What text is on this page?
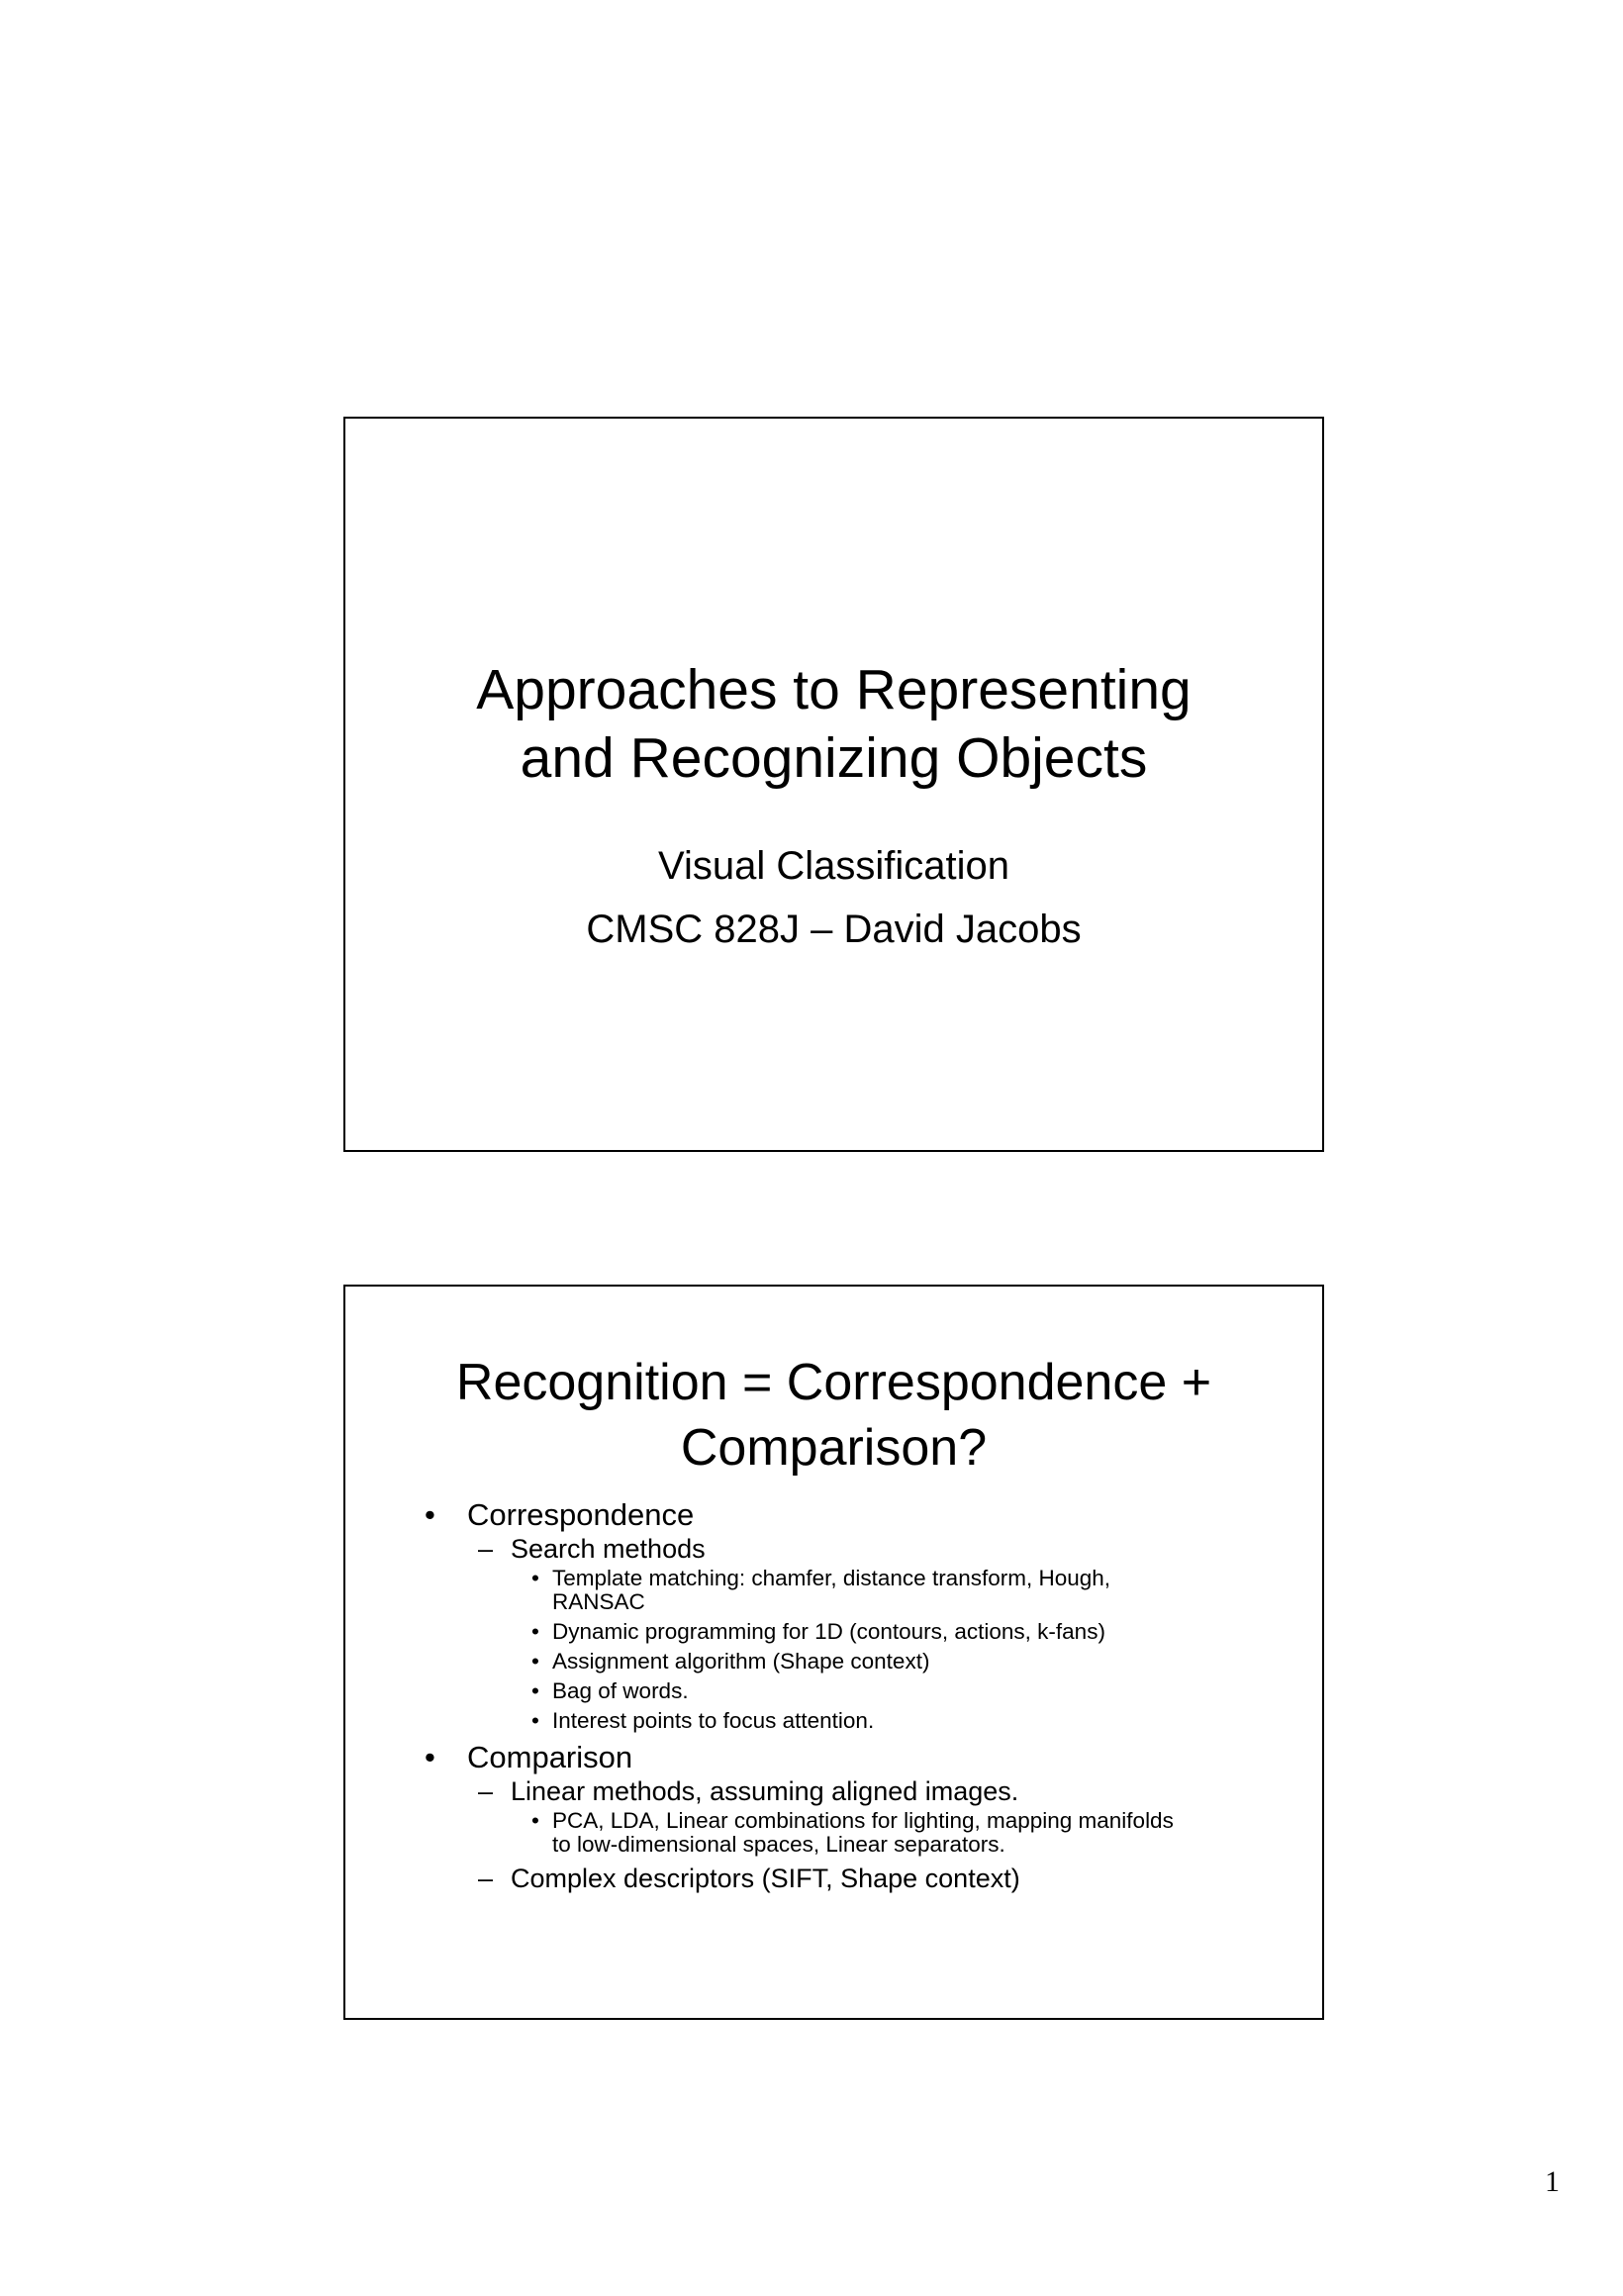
Approaches to Representing
and Recognizing Objects
Visual Classification
CMSC 828J – David Jacobs
Recognition = Correspondence +
Comparison?
• Correspondence
– Search methods
• Template matching: chamfer, distance transform, Hough,
RANSAC
• Dynamic programming for 1D (contours, actions, k-fans)
• Assignment algorithm (Shape context)
• Bag of words.
• Interest points to focus attention.
• Comparison
– Linear methods, assuming aligned images.
• PCA, LDA, Linear combinations for lighting, mapping manifolds
to low-dimensional spaces, Linear separators.
– Complex descriptors (SIFT, Shape context)
1
